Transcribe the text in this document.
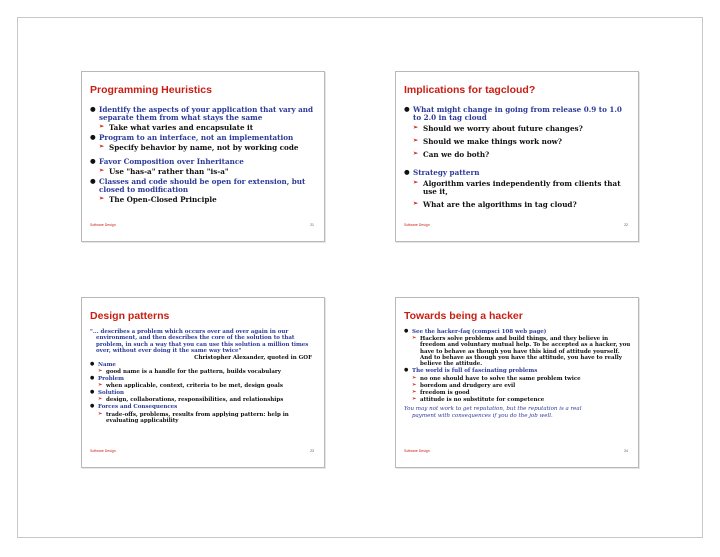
Programming Heuristics
● Identify the aspects of your application that vary and separate them from what stays the same
➢ Take what varies and encapsulate it
● Program to an interface, not an implementation
➢ Specify behavior by name, not by working code
● Favor Composition over Inheritance
➢ Use "has-a" rather than "is-a"
● Classes and code should be open for extension, but closed to modification
➢ The Open-Closed Principle
Software Design	21
Implications for tagcloud?
● What might change in going from release 0.9 to 1.0 to 2.0 in tag cloud
➢ Should we worry about future changes?
➢ Should we make things work now?
➢ Can we do both?
● Strategy pattern
➢ Algorithm varies independently from clients that use it,
➢ What are the algorithms in tag cloud?
Software Design	22
Design patterns
"... describes a problem which occurs over and over again in our environment, and then describes the core of the solution to that problem, in such a way that you can use this solution a million times over, without ever doing it the same way twice"
Christopher Alexander, quoted in GOF
● Name
➢ good name is a handle for the pattern, builds vocabulary
● Problem
➢ when applicable, context, criteria to be met, design goals
● Solution
➢ design, collaborations, responsibilities, and relationships
● Forces and Consequences
➢ trade-offs, problems, results from applying pattern: help in evaluating applicability
Software Design	23
Towards being a hacker
● See the hacker-faq (compsci 108 web page)
➢ Hackers solve problems and build things, and they believe in freedom and voluntary mutual help. To be accepted as a hacker, you have to behave as though you have this kind of attitude yourself. And to behave as though you have the attitude, you have to really believe the attitude.
● The world is full of fascinating problems
➢ no one should have to solve the same problem twice
➢ boredom and drudgery are evil
➢ freedom is good
➢ attitude is no substitute for competence
You may not work to get reputation, but the reputation is a real
payment with consequences if you do the job well.
Software Design	24
